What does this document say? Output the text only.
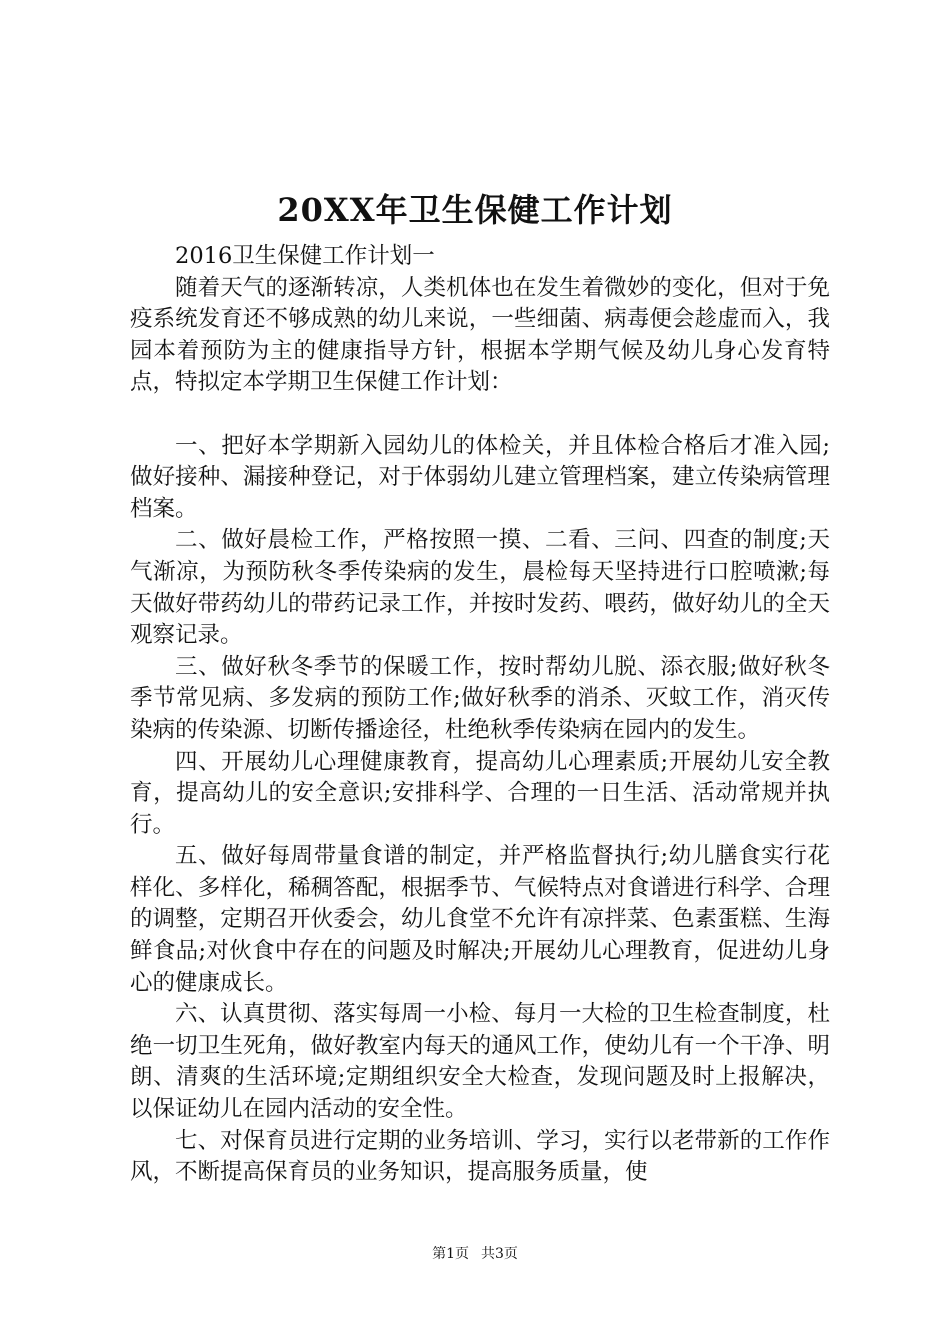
20XX年卫生保健工作计划

2016卫生保健工作计划一

随着天气的逐渐转凉，人类机体也在发生着微妙的变化，但对于免疫系统发育还不够成熟的幼儿来说，一些细菌、病毒便会趁虚而入，我园本着预防为主的健康指导方针，根据本学期气候及幼儿身心发育特点，特拟定本学期卫生保健工作计划：

一、把好本学期新入园幼儿的体检关，并且体检合格后才准入园;做好接种、漏接种登记，对于体弱幼儿建立管理档案，建立传染病管理档案。

二、做好晨检工作，严格按照一摸、二看、三问、四查的制度;天气渐凉，为预防秋冬季传染病的发生，晨检每天坚持进行口腔喷漱;每天做好带药幼儿的带药记录工作，并按时发药、喂药，做好幼儿的全天观察记录。

三、做好秋冬季节的保暖工作，按时帮幼儿脱、添衣服;做好秋冬季节常见病、多发病的预防工作;做好秋季的消杀、灭蚊工作，消灭传染病的传染源、切断传播途径，杜绝秋季传染病在园内的发生。

四、开展幼儿心理健康教育，提高幼儿心理素质;开展幼儿安全教育，提高幼儿的安全意识;安排科学、合理的一日生活、活动常规并执行。

五、做好每周带量食谱的制定，并严格监督执行;幼儿膳食实行花样化、多样化，稀稠答配，根据季节、气候特点对食谱进行科学、合理的调整，定期召开伙委会，幼儿食堂不允许有凉拌菜、色素蛋糕、生海鲜食品;对伙食中存在的问题及时解决;开展幼儿心理教育，促进幼儿身心的健康成长。

六、认真贯彻、落实每周一小检、每月一大检的卫生检查制度，杜绝一切卫生死角，做好教室内每天的通风工作，使幼儿有一个干净、明朗、清爽的生活环境;定期组织安全大检查，发现问题及时上报解决，以保证幼儿在园内活动的安全性。

七、对保育员进行定期的业务培训、学习，实行以老带新的工作作风，不断提高保育员的业务知识，提高服务质量，使

第1页 共3页
